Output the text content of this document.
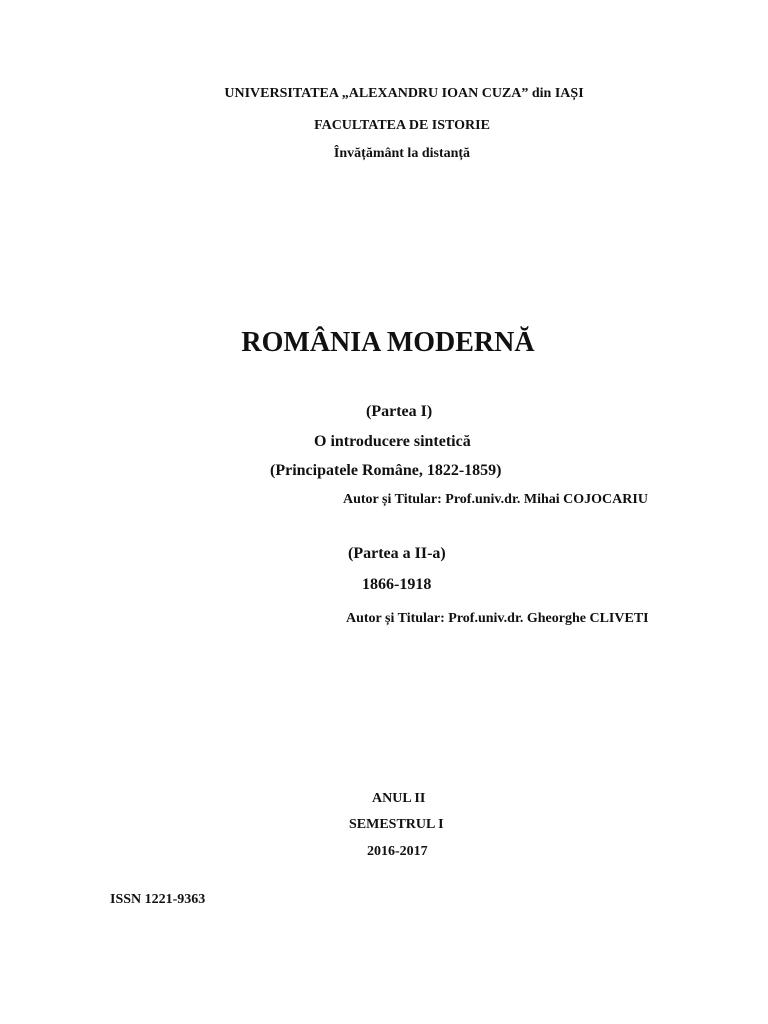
UNIVERSITATEA „ALEXANDRU IOAN CUZA” din IAȘI
FACULTATEA DE ISTORIE
Învățământ la distanță
ROMÂNIA MODERNĂ
(Partea I)
O introducere sintetică
(Principatele Române, 1822-1859)
Autor și Titular: Prof.univ.dr. Mihai COJOCARIU
(Partea a II-a)
1866-1918
Autor și Titular: Prof.univ.dr. Gheorghe CLIVETI
ANUL II
SEMESTRUL I
2016-2017
ISSN 1221-9363
